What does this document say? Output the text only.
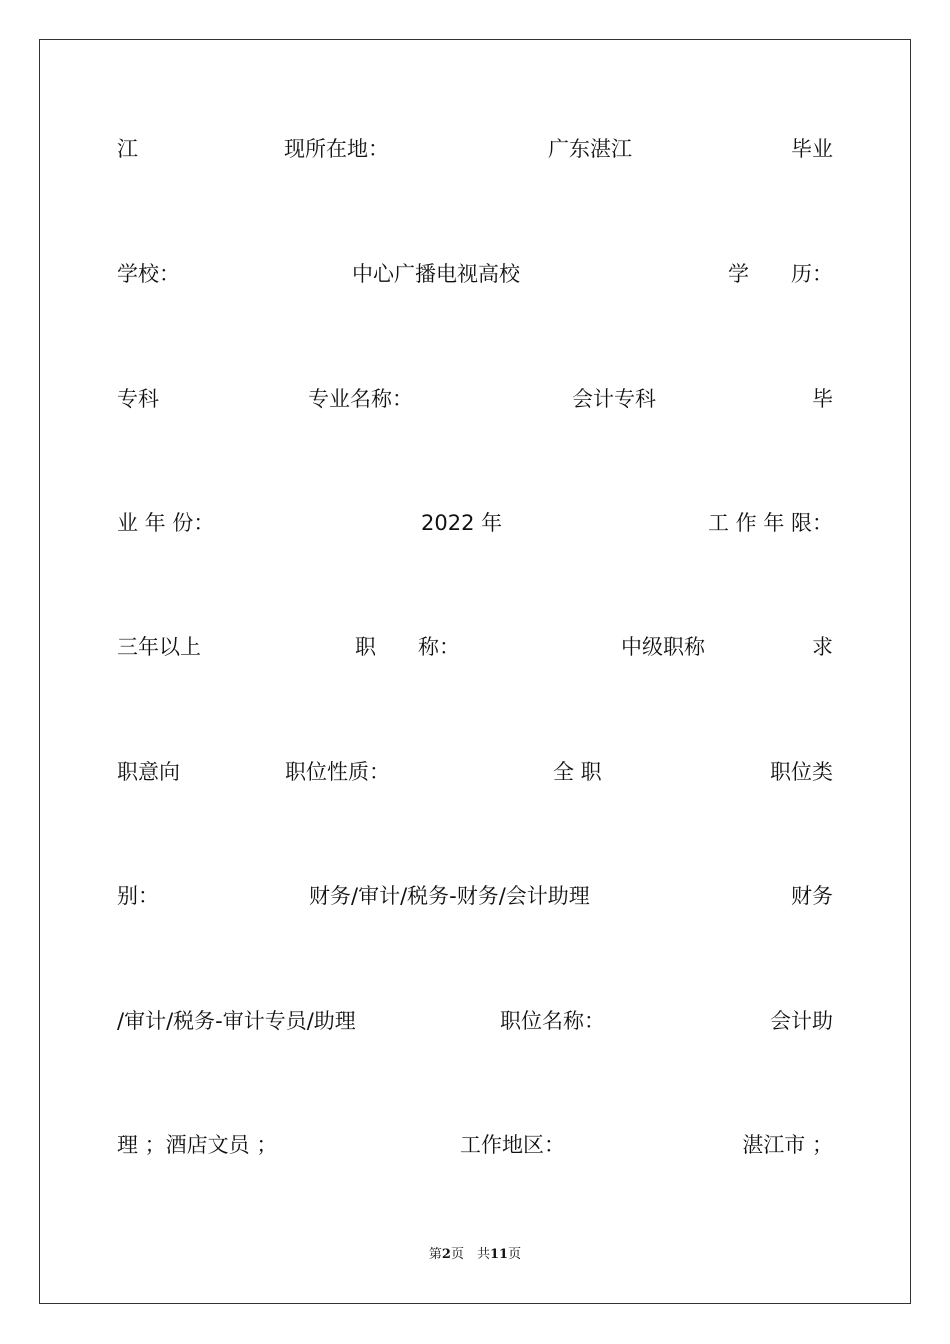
江	现所在地：	广东湛江	毕业
学校：	中心广播电视高校	学　　历：
专科	专业名称：	会计专科	毕
业 年 份：	2022 年	工 作 年 限：
三年以上	职　　称：	中级职称	求
职意向	职位性质：	全 职	职位类
别：	财务/审计/税务-财务/会计助理	财务
/审计/税务-审计专员/助理	职位名称：	会计助
理 ；酒店文员 ；	工作地区：	湛江市 ；
第2页　共11页
